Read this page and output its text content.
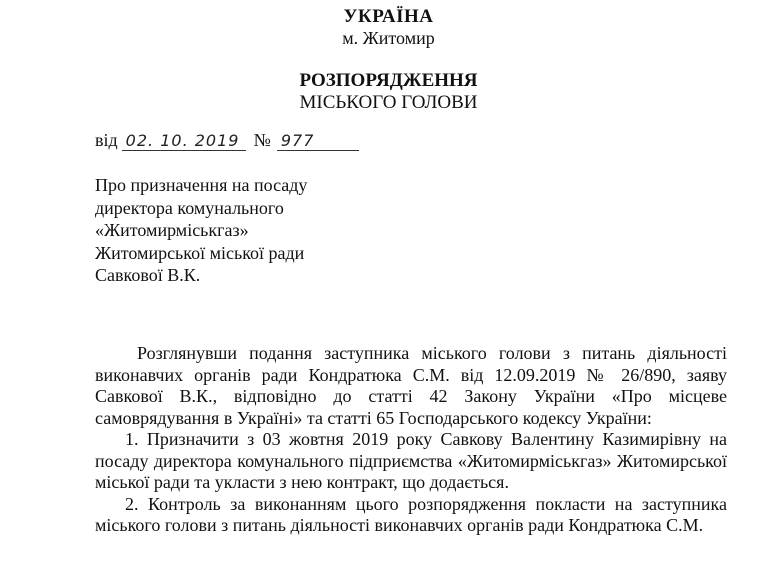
УКРАЇНА
м. Житомир
РОЗПОРЯДЖЕННЯ
МІСЬКОГО ГОЛОВИ
від 02. 10. 2019 № 977
Про призначення на посаду
директора комунального
«Житомирміськгаз»
Житомирської міської ради
Савкової В.К.

Розглянувши подання заступника міського голови з питань діяльності виконавчих органів ради Кондратюка С.М. від 12.09.2019 № 26/890, заяву Савкової В.К., відповідно до статті 42 Закону України «Про місцеве самоврядування в Україні» та статті 65 Господарського кодексу України:

1. Призначити з 03 жовтня 2019 року Савкову Валентину Казимирівну на посаду директора комунального підприємства «Житомирміськгаз» Житомирської міської ради та укласти з нею контракт, що додається.

2. Контроль за виконанням цього розпорядження покласти на заступника міського голови з питань діяльності виконавчих органів ради Кондратюка С.М.
